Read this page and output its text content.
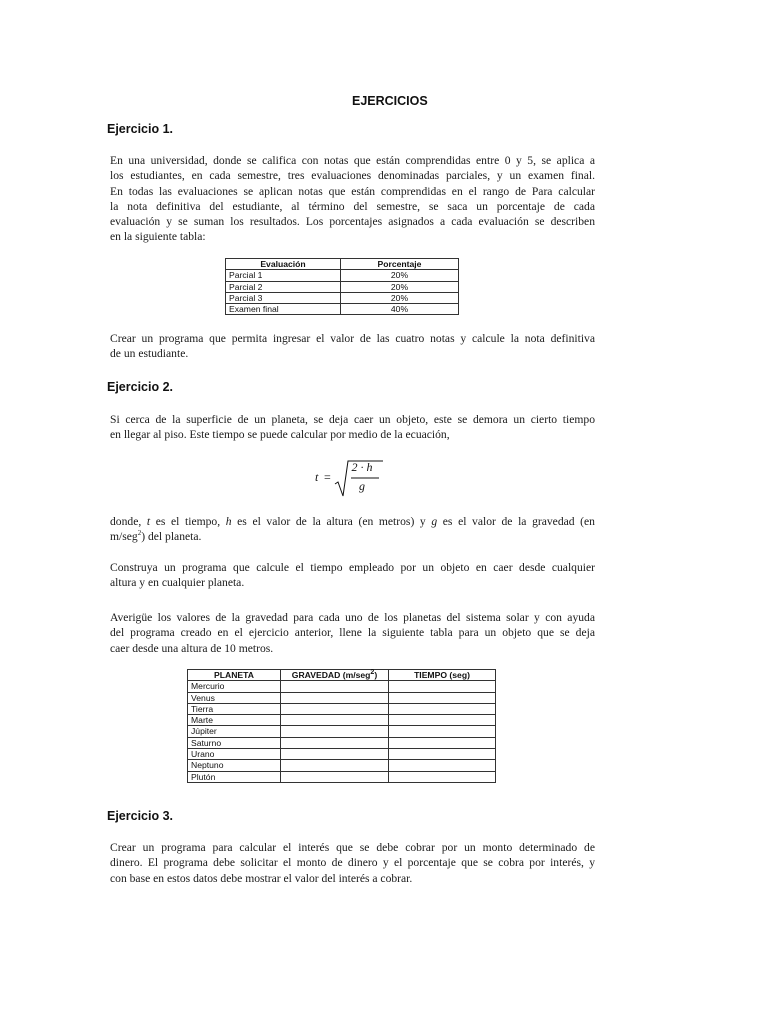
EJERCICIOS
Ejercicio 1.

En una universidad, donde se califica con notas que están comprendidas entre 0 y 5, se aplica a
los estudiantes, en cada semestre, tres evaluaciones denominadas parciales, y un examen final.
En todas las evaluaciones se aplican notas que están comprendidas en el rango de Para calcular
la nota definitiva del estudiante, al término del semestre, se saca un porcentaje de cada
evaluación y se suman los resultados. Los porcentajes asignados a cada evaluación se describen
en la siguiente tabla:

Evaluación	Porcentaje
Parcial 1	20%
Parcial 2	20%
Parcial 3	20%
Examen final	40%

Crear un programa que permita ingresar el valor de las cuatro notas y calcule la nota definitiva
de un estudiante.

Ejercicio 2.

Si cerca de la superficie de un planeta, se deja caer un objeto, este se demora un cierto tiempo
en llegar al piso. Este tiempo se puede calcular por medio de la ecuación,

t =
2 · h
g

donde, t es el tiempo, h es el valor de la altura (en metros) y g es el valor de la gravedad (en
m/seg$^2$) del planeta.

Construya un programa que calcule el tiempo empleado por un objeto en caer desde cualquier
altura y en cualquier planeta.

Averigüe los valores de la gravedad para cada uno de los planetas del sistema solar y con ayuda
del programa creado en el ejercicio anterior, llene la siguiente tabla para un objeto que se deja
caer desde una altura de 10 metros.

PLANETA	GRAVEDAD (m/seg$^2$)	TIEMPO (seg)
Mercurio		
Venus		
Tierra		
Marte		
Júpiter		
Saturno		
Urano		
Neptuno		
Plutón		
Ejercicio 3.

Crear un programa para calcular el interés que se debe cobrar por un monto determinado de
dinero. El programa debe solicitar el monto de dinero y el porcentaje que se cobra por interés, y
con base en estos datos debe mostrar el valor del interés a cobrar.
